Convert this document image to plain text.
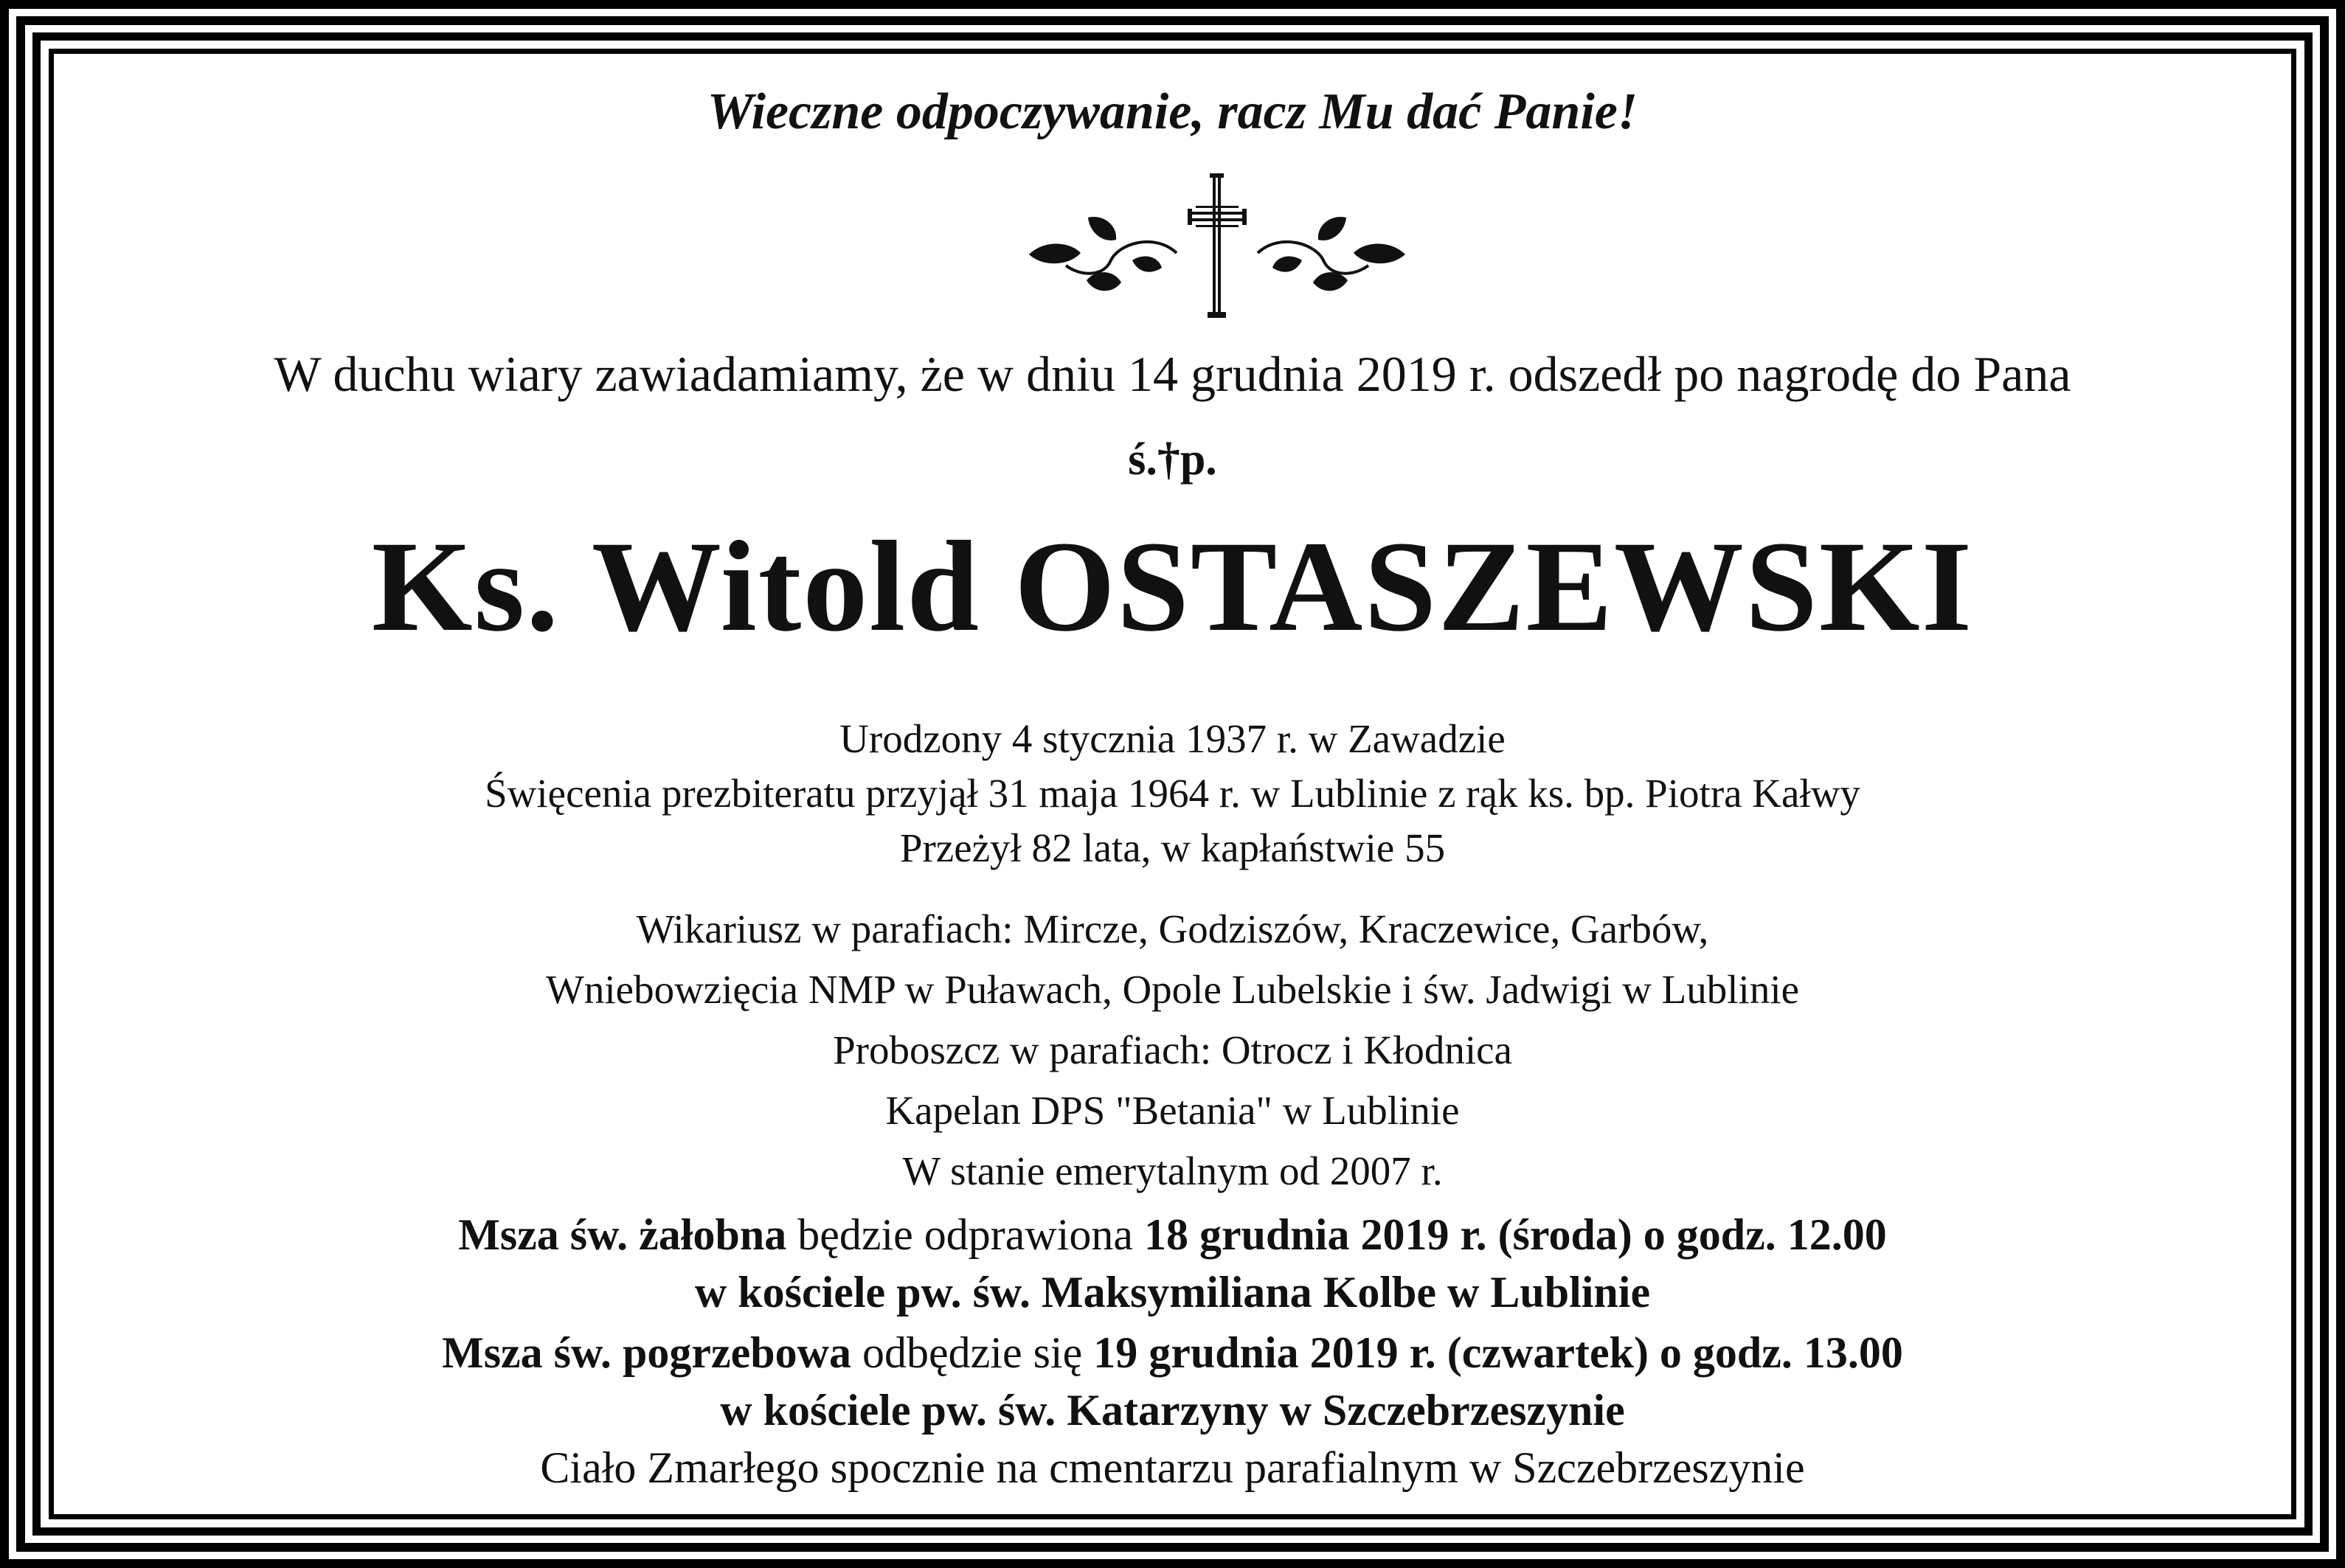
Wieczne odpoczywanie, racz Mu dać Panie!
W duchu wiary zawiadamiamy, że w dniu 14 grudnia 2019 r. odszedł po nagrodę do Pana
ś.†p.
Ks. Witold OSTASZEWSKI
Urodzony 4 stycznia 1937 r. w Zawadzie
Święcenia prezbiteratu przyjął 31 maja 1964 r. w Lublinie z rąk ks. bp. Piotra Kałwy
Przeżył 82 lata, w kapłaństwie 55
Wikariusz w parafiach: Mircze, Godziszów, Kraczewice, Garbów,
Wniebowzięcia NMP w Puławach, Opole Lubelskie i św. Jadwigi w Lublinie
Proboszcz w parafiach: Otrocz i Kłodnica
Kapelan DPS "Betania" w Lublinie
W stanie emerytalnym od 2007 r.
Msza św. żałobna będzie odprawiona 18 grudnia 2019 r. (środa) o godz. 12.00
w kościele pw. św. Maksymiliana Kolbe w Lublinie
Msza św. pogrzebowa odbędzie się 19 grudnia 2019 r. (czwartek) o godz. 13.00
w kościele pw. św. Katarzyny w Szczebrzeszynie
Ciało Zmarłego spocznie na cmentarzu parafialnym w Szczebrzeszynie
